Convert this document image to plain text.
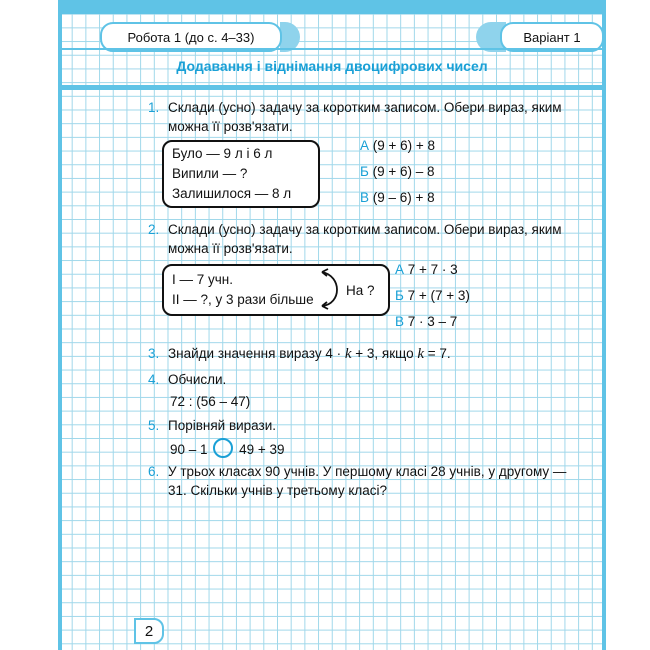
Робота 1 (до с. 4–33)	Варіант 1
Додавання і віднімання двоцифрових чисел
1. Склади (усно) задачу за коротким записом. Обери вираз, яким
можна її розв'язати.
Було — 9 л і 6 л
Випили — ?
Залишилося — 8 л
А (9 + 6) + 8
Б (9 + 6) – 8
В (9 – 6) + 8
2. Склади (усно) задачу за коротким записом. Обери вираз, яким
можна її розв'язати.
І — 7 учн.
ІІ — ?, у 3 рази більше
На ?
А 7 + 7 · 3
Б 7 + (7 + 3)
В 7 · 3 – 7
3. Знайди значення виразу 4 · k + 3, якщо k = 7.
4. Обчисли.
72 : (56 – 47)
5. Порівняй вирази.
90 – 1 49 + 39
6. У трьох класах 90 учнів. У першому класі 28 учнів, у другому —
31. Скільки учнів у третьому класі?
2
